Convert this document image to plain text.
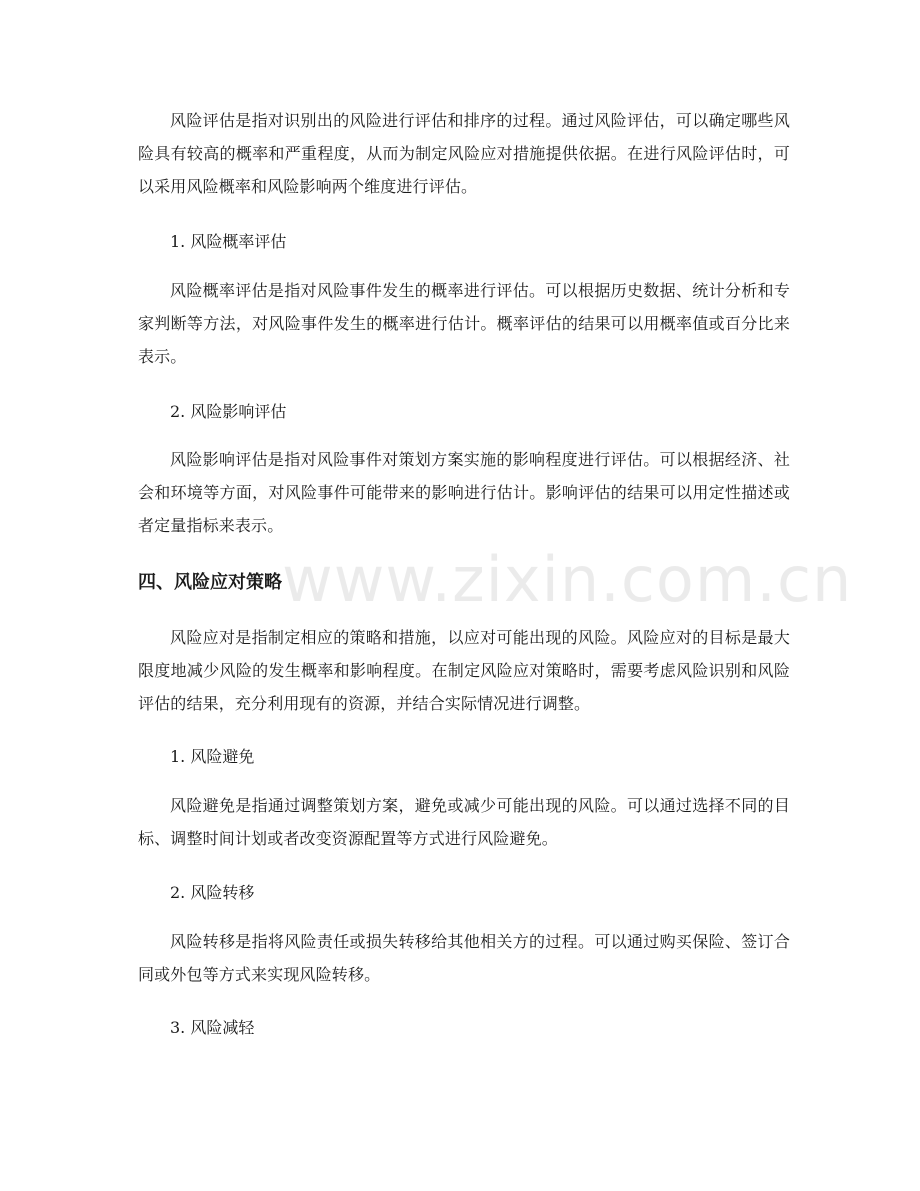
风险评估是指对识别出的风险进行评估和排序的过程。通过风险评估，可以确定哪些风险具有较高的概率和严重程度，从而为制定风险应对措施提供依据。在进行风险评估时，可以采用风险概率和风险影响两个维度进行评估。

1. 风险概率评估

风险概率评估是指对风险事件发生的概率进行评估。可以根据历史数据、统计分析和专家判断等方法，对风险事件发生的概率进行估计。概率评估的结果可以用概率值或百分比来表示。

2. 风险影响评估

风险影响评估是指对风险事件对策划方案实施的影响程度进行评估。可以根据经济、社会和环境等方面，对风险事件可能带来的影响进行估计。影响评估的结果可以用定性描述或者定量指标来表示。

www.zixin.com.cn
四、风险应对策略

风险应对是指制定相应的策略和措施，以应对可能出现的风险。风险应对的目标是最大限度地减少风险的发生概率和影响程度。在制定风险应对策略时，需要考虑风险识别和风险评估的结果，充分利用现有的资源，并结合实际情况进行调整。

1. 风险避免

风险避免是指通过调整策划方案，避免或减少可能出现的风险。可以通过选择不同的目标、调整时间计划或者改变资源配置等方式进行风险避免。

2. 风险转移

风险转移是指将风险责任或损失转移给其他相关方的过程。可以通过购买保险、签订合同或外包等方式来实现风险转移。

3. 风险减轻
